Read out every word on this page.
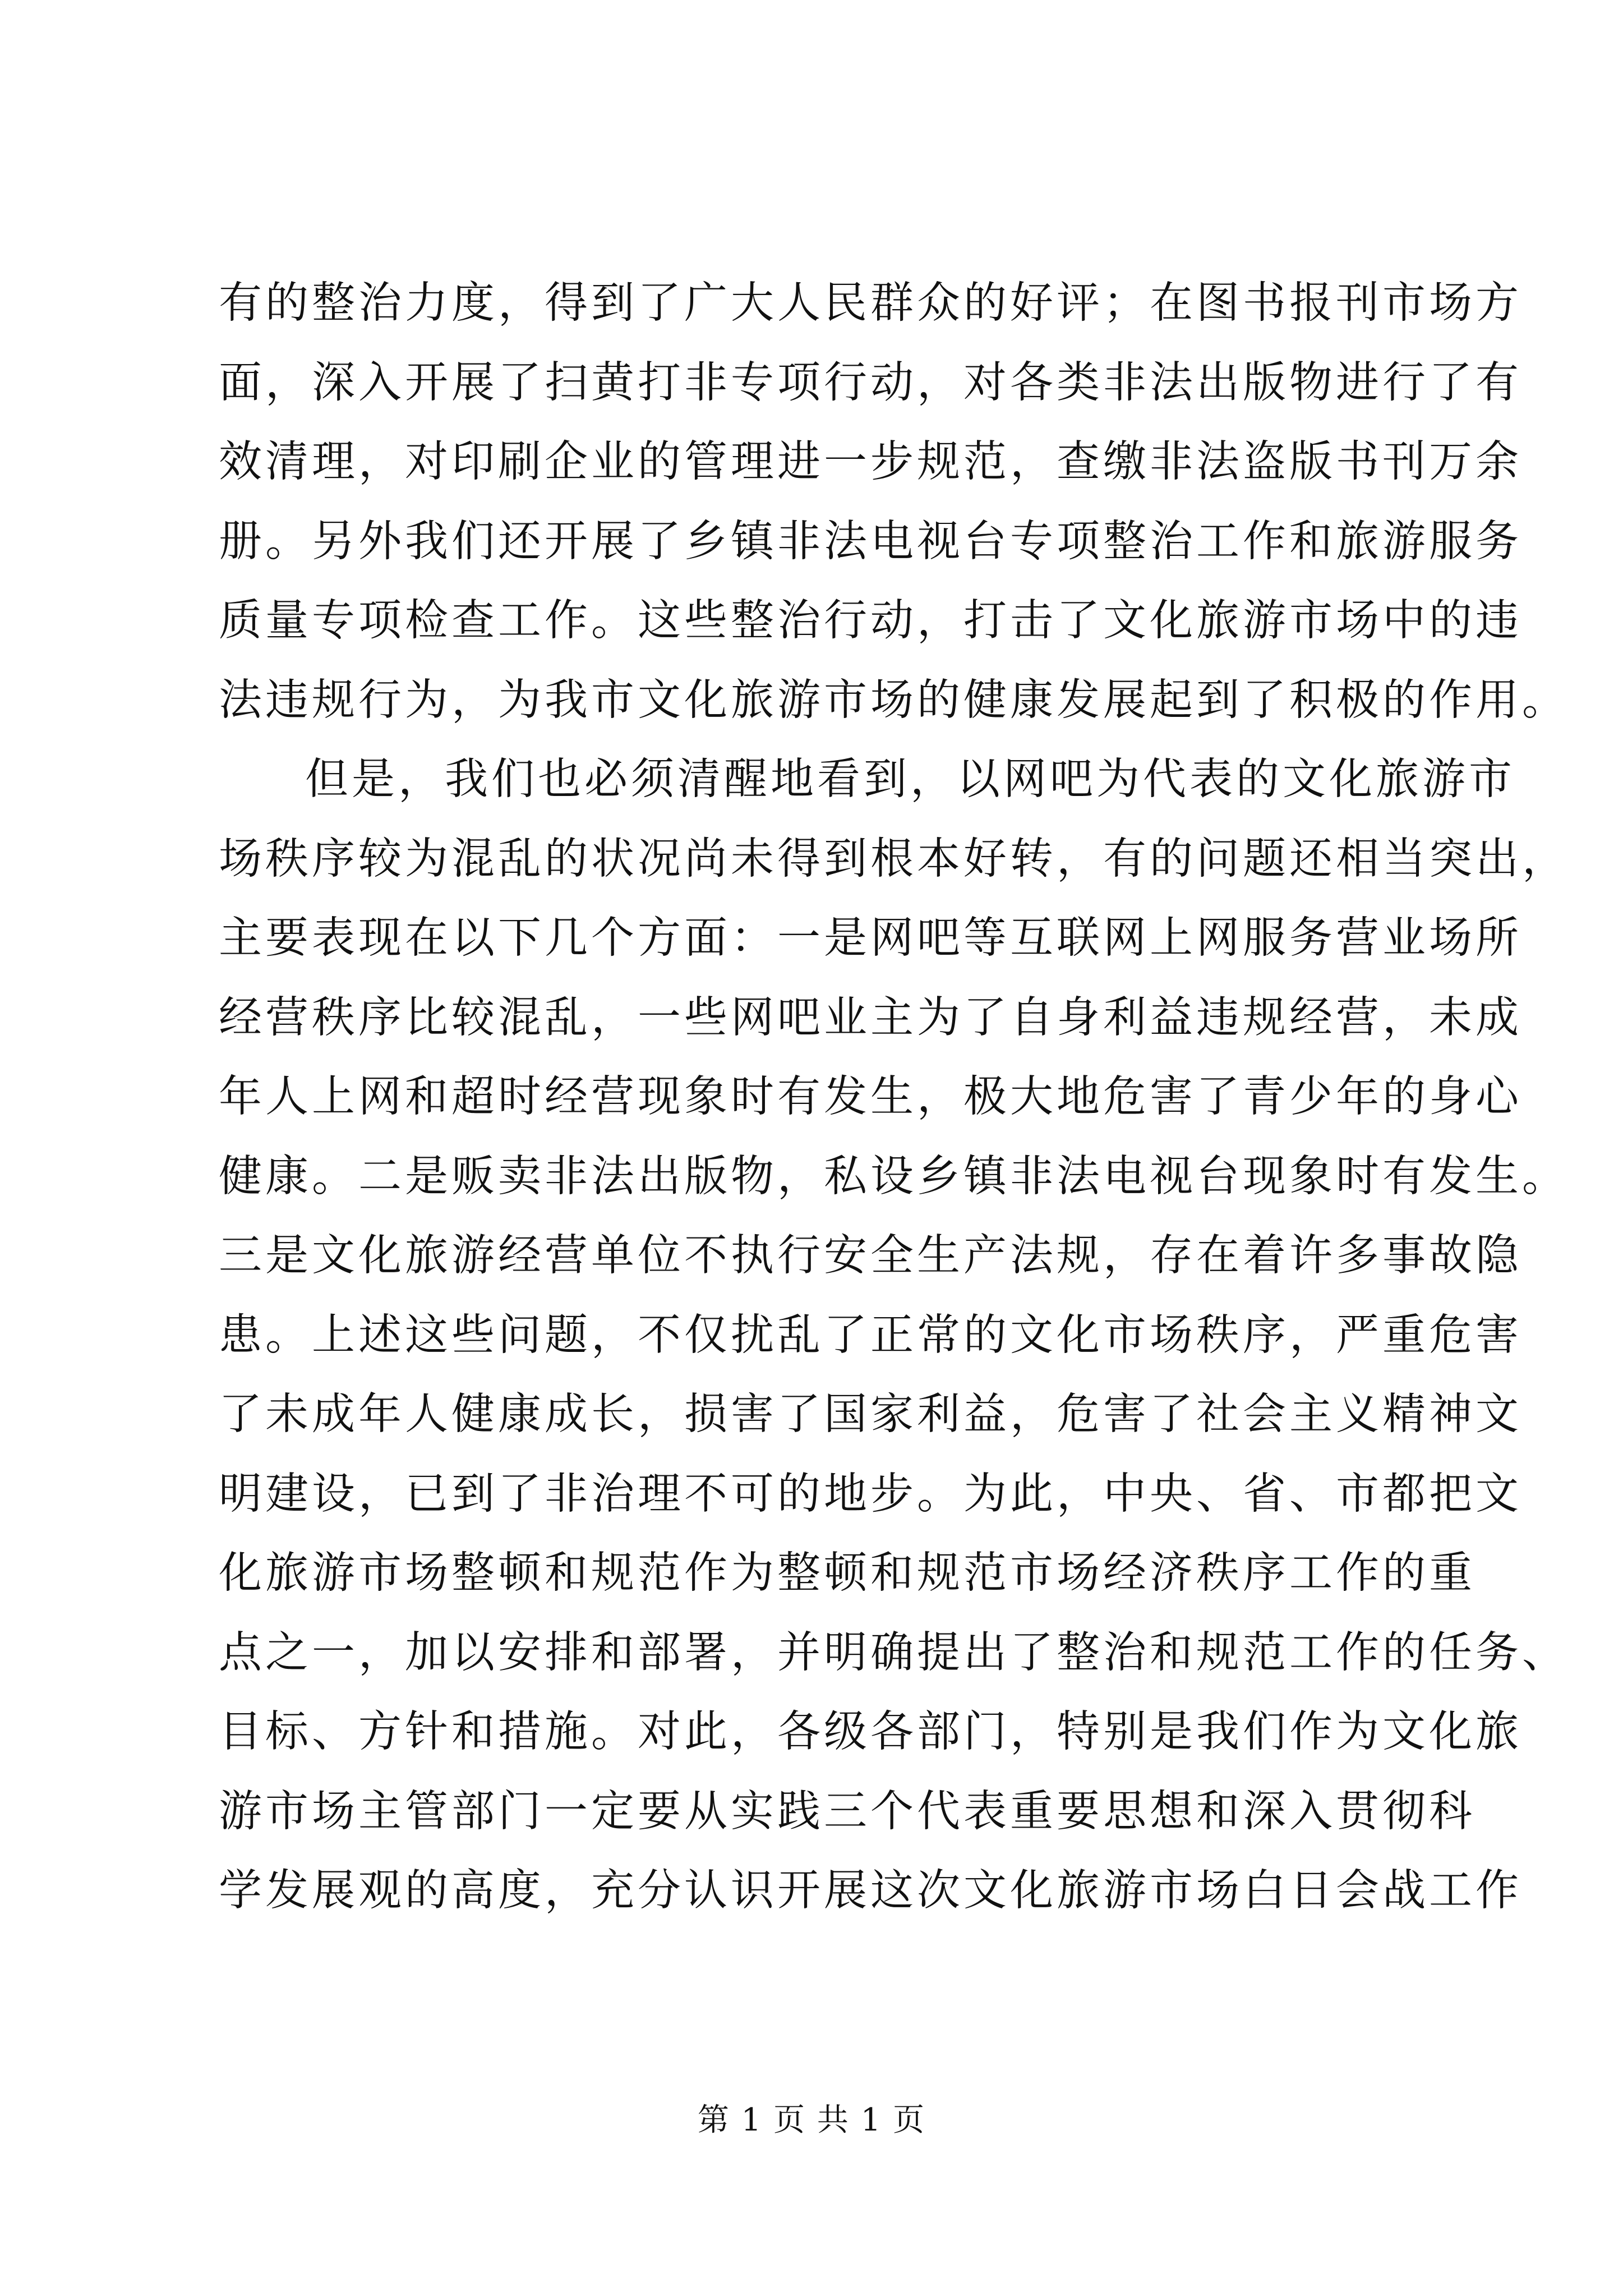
有的整治力度，得到了广大人民群众的好评；在图书报刊市场方
面，深入开展了扫黄打非专项行动，对各类非法出版物进行了有
效清理，对印刷企业的管理进一步规范，查缴非法盗版书刊万余
册。另外我们还开展了乡镇非法电视台专项整治工作和旅游服务
质量专项检查工作。这些整治行动，打击了文化旅游市场中的违
法违规行为，为我市文化旅游市场的健康发展起到了积极的作用。
但是，我们也必须清醒地看到，以网吧为代表的文化旅游市
场秩序较为混乱的状况尚未得到根本好转，有的问题还相当突出，
主要表现在以下几个方面：一是网吧等互联网上网服务营业场所
经营秩序比较混乱，一些网吧业主为了自身利益违规经营，未成
年人上网和超时经营现象时有发生，极大地危害了青少年的身心
健康。二是贩卖非法出版物，私设乡镇非法电视台现象时有发生。
三是文化旅游经营单位不执行安全生产法规，存在着许多事故隐
患。上述这些问题，不仅扰乱了正常的文化市场秩序，严重危害
了未成年人健康成长，损害了国家利益，危害了社会主义精神文
明建设，已到了非治理不可的地步。为此，中央、省、市都把文
化旅游市场整顿和规范作为整顿和规范市场经济秩序工作的重
点之一，加以安排和部署，并明确提出了整治和规范工作的任务、
目标、方针和措施。对此，各级各部门，特别是我们作为文化旅
游市场主管部门一定要从实践三个代表重要思想和深入贯彻科
学发展观的高度，充分认识开展这次文化旅游市场白日会战工作
第 1 页 共 1 页
